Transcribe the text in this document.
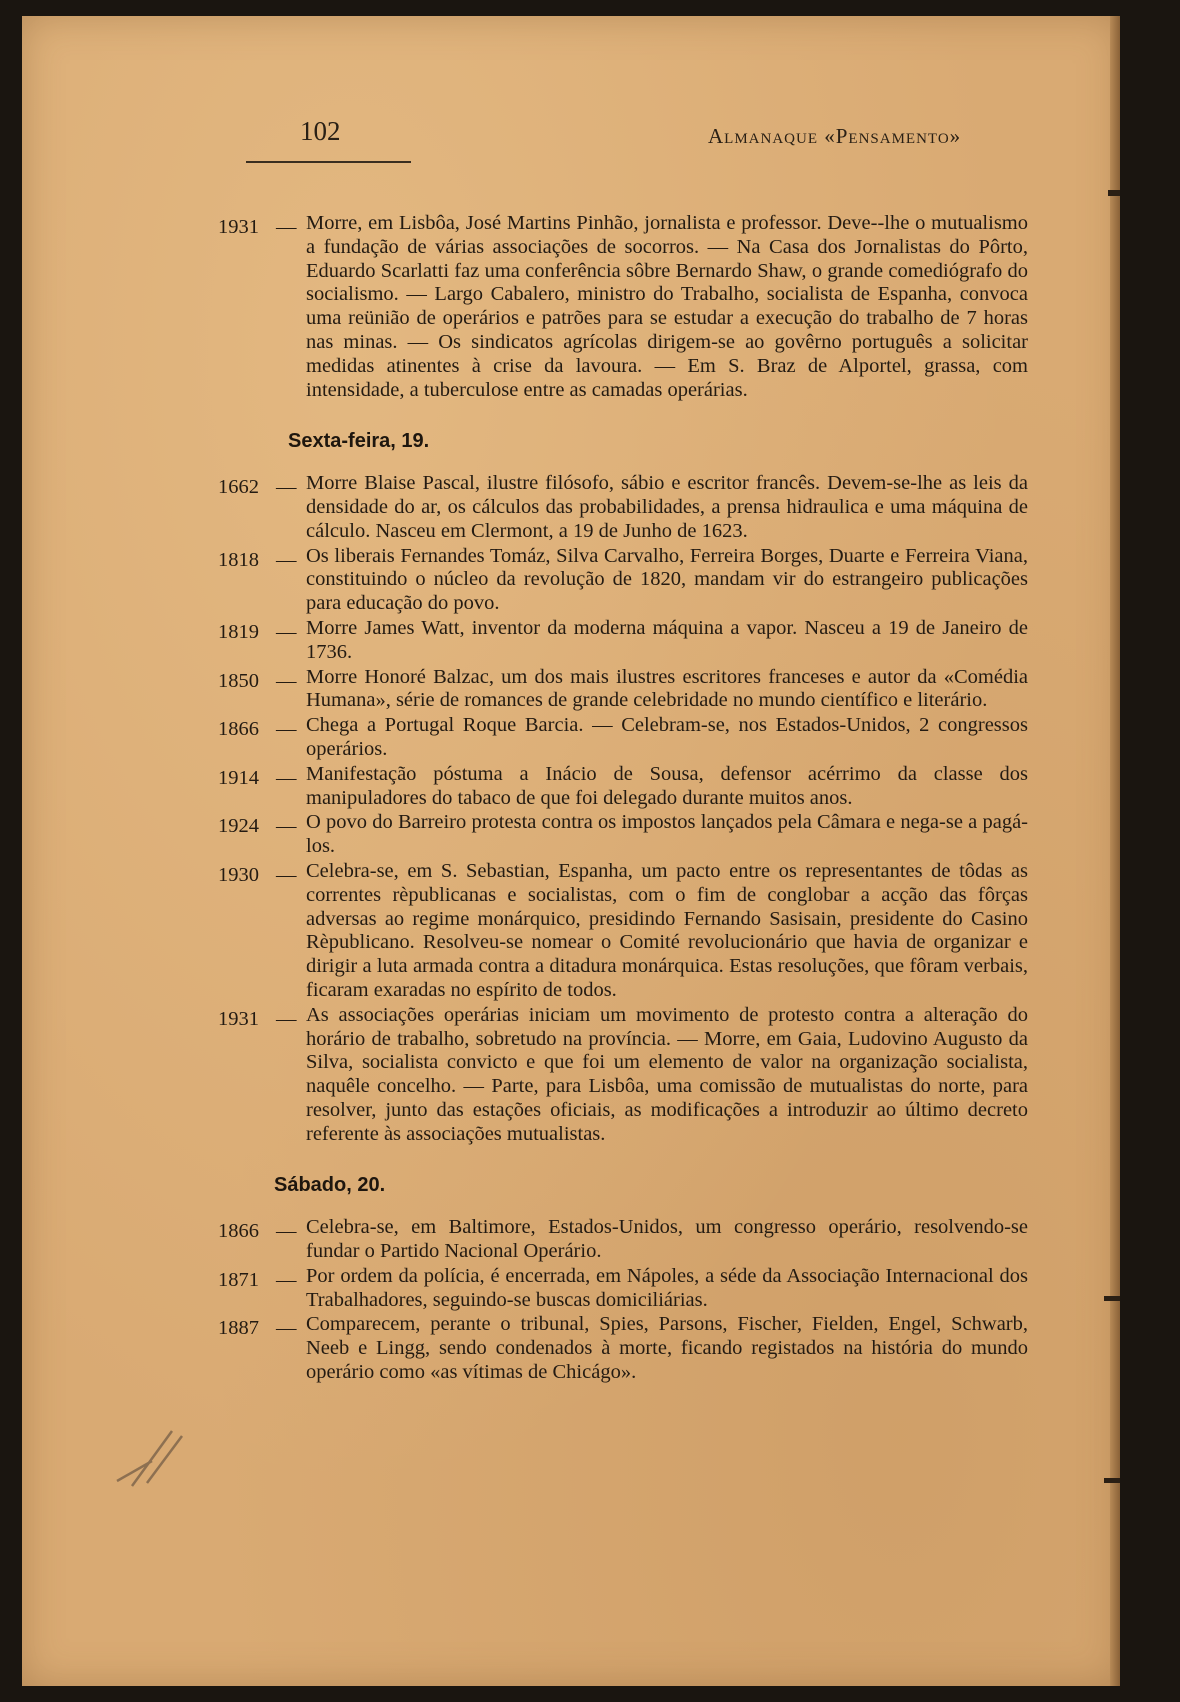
102	Almanaque «Pensamento»
1931 — Morre, em Lisbôa, José Martins Pinhão, jornalista e professor. Deve--lhe o mutualismo a fundação de várias associações de socorros. — Na Casa dos Jornalistas do Pôrto, Eduardo Scarlatti faz uma conferência sôbre Bernardo Shaw, o grande comediógrafo do socialismo. — Largo Cabalero, ministro do Trabalho, socialista de Espanha, convoca uma reünião de operários e patrões para se estudar a execução do trabalho de 7 horas nas minas. — Os sindicatos agrícolas dirigem-se ao govêrno português a solicitar medidas atinentes à crise da lavoura. — Em S. Braz de Alportel, grassa, com intensidade, a tuberculose entre as camadas operárias.
Sexta-feira, 19.
1662 — Morre Blaise Pascal, ilustre filósofo, sábio e escritor francês. Devem-se-lhe as leis da densidade do ar, os cálculos das probabilidades, a prensa hidraulica e uma máquina de cálculo. Nasceu em Clermont, a 19 de Junho de 1623.
1818 — Os liberais Fernandes Tomáz, Silva Carvalho, Ferreira Borges, Duarte e Ferreira Viana, constituindo o núcleo da revolução de 1820, mandam vir do estrangeiro publicações para educação do povo.
1819 — Morre James Watt, inventor da moderna máquina a vapor. Nasceu a 19 de Janeiro de 1736.
1850 — Morre Honoré Balzac, um dos mais ilustres escritores franceses e autor da «Comédia Humana», série de romances de grande celebridade no mundo científico e literário.
1866 — Chega a Portugal Roque Barcia. — Celebram-se, nos Estados-Unidos, 2 congressos operários.
1914 — Manifestação póstuma a Inácio de Sousa, defensor acérrimo da classe dos manipuladores do tabaco de que foi delegado durante muitos anos.
1924 — O povo do Barreiro protesta contra os impostos lançados pela Câmara e nega-se a pagá-los.
1930 — Celebra-se, em S. Sebastian, Espanha, um pacto entre os representantes de tôdas as correntes rèpublicanas e socialistas, com o fim de conglobar a acção das fôrças adversas ao regime monárquico, presidindo Fernando Sasisain, presidente do Casino Rèpublicano. Resolveu-se nomear o Comité revolucionário que havia de organizar e dirigir a luta armada contra a ditadura monárquica. Estas resoluções, que fôram verbais, ficaram exaradas no espírito de todos.
1931 — As associações operárias iniciam um movimento de protesto contra a alteração do horário de trabalho, sobretudo na província. — Morre, em Gaia, Ludovino Augusto da Silva, socialista convicto e que foi um elemento de valor na organização socialista, naquêle concelho. — Parte, para Lisbôa, uma comissão de mutualistas do norte, para resolver, junto das estações oficiais, as modificações a introduzir ao último decreto referente às associações mutualistas.
Sábado, 20.
1866 — Celebra-se, em Baltimore, Estados-Unidos, um congresso operário, resolvendo-se fundar o Partido Nacional Operário.
1871 — Por ordem da polícia, é encerrada, em Nápoles, a séde da Associação Internacional dos Trabalhadores, seguindo-se buscas domiciliárias.
1887 — Comparecem, perante o tribunal, Spies, Parsons, Fischer, Fielden, Engel, Schwarb, Neeb e Lingg, sendo condenados à morte, ficando registados na história do mundo operário como «as vítimas de Chicágo».
